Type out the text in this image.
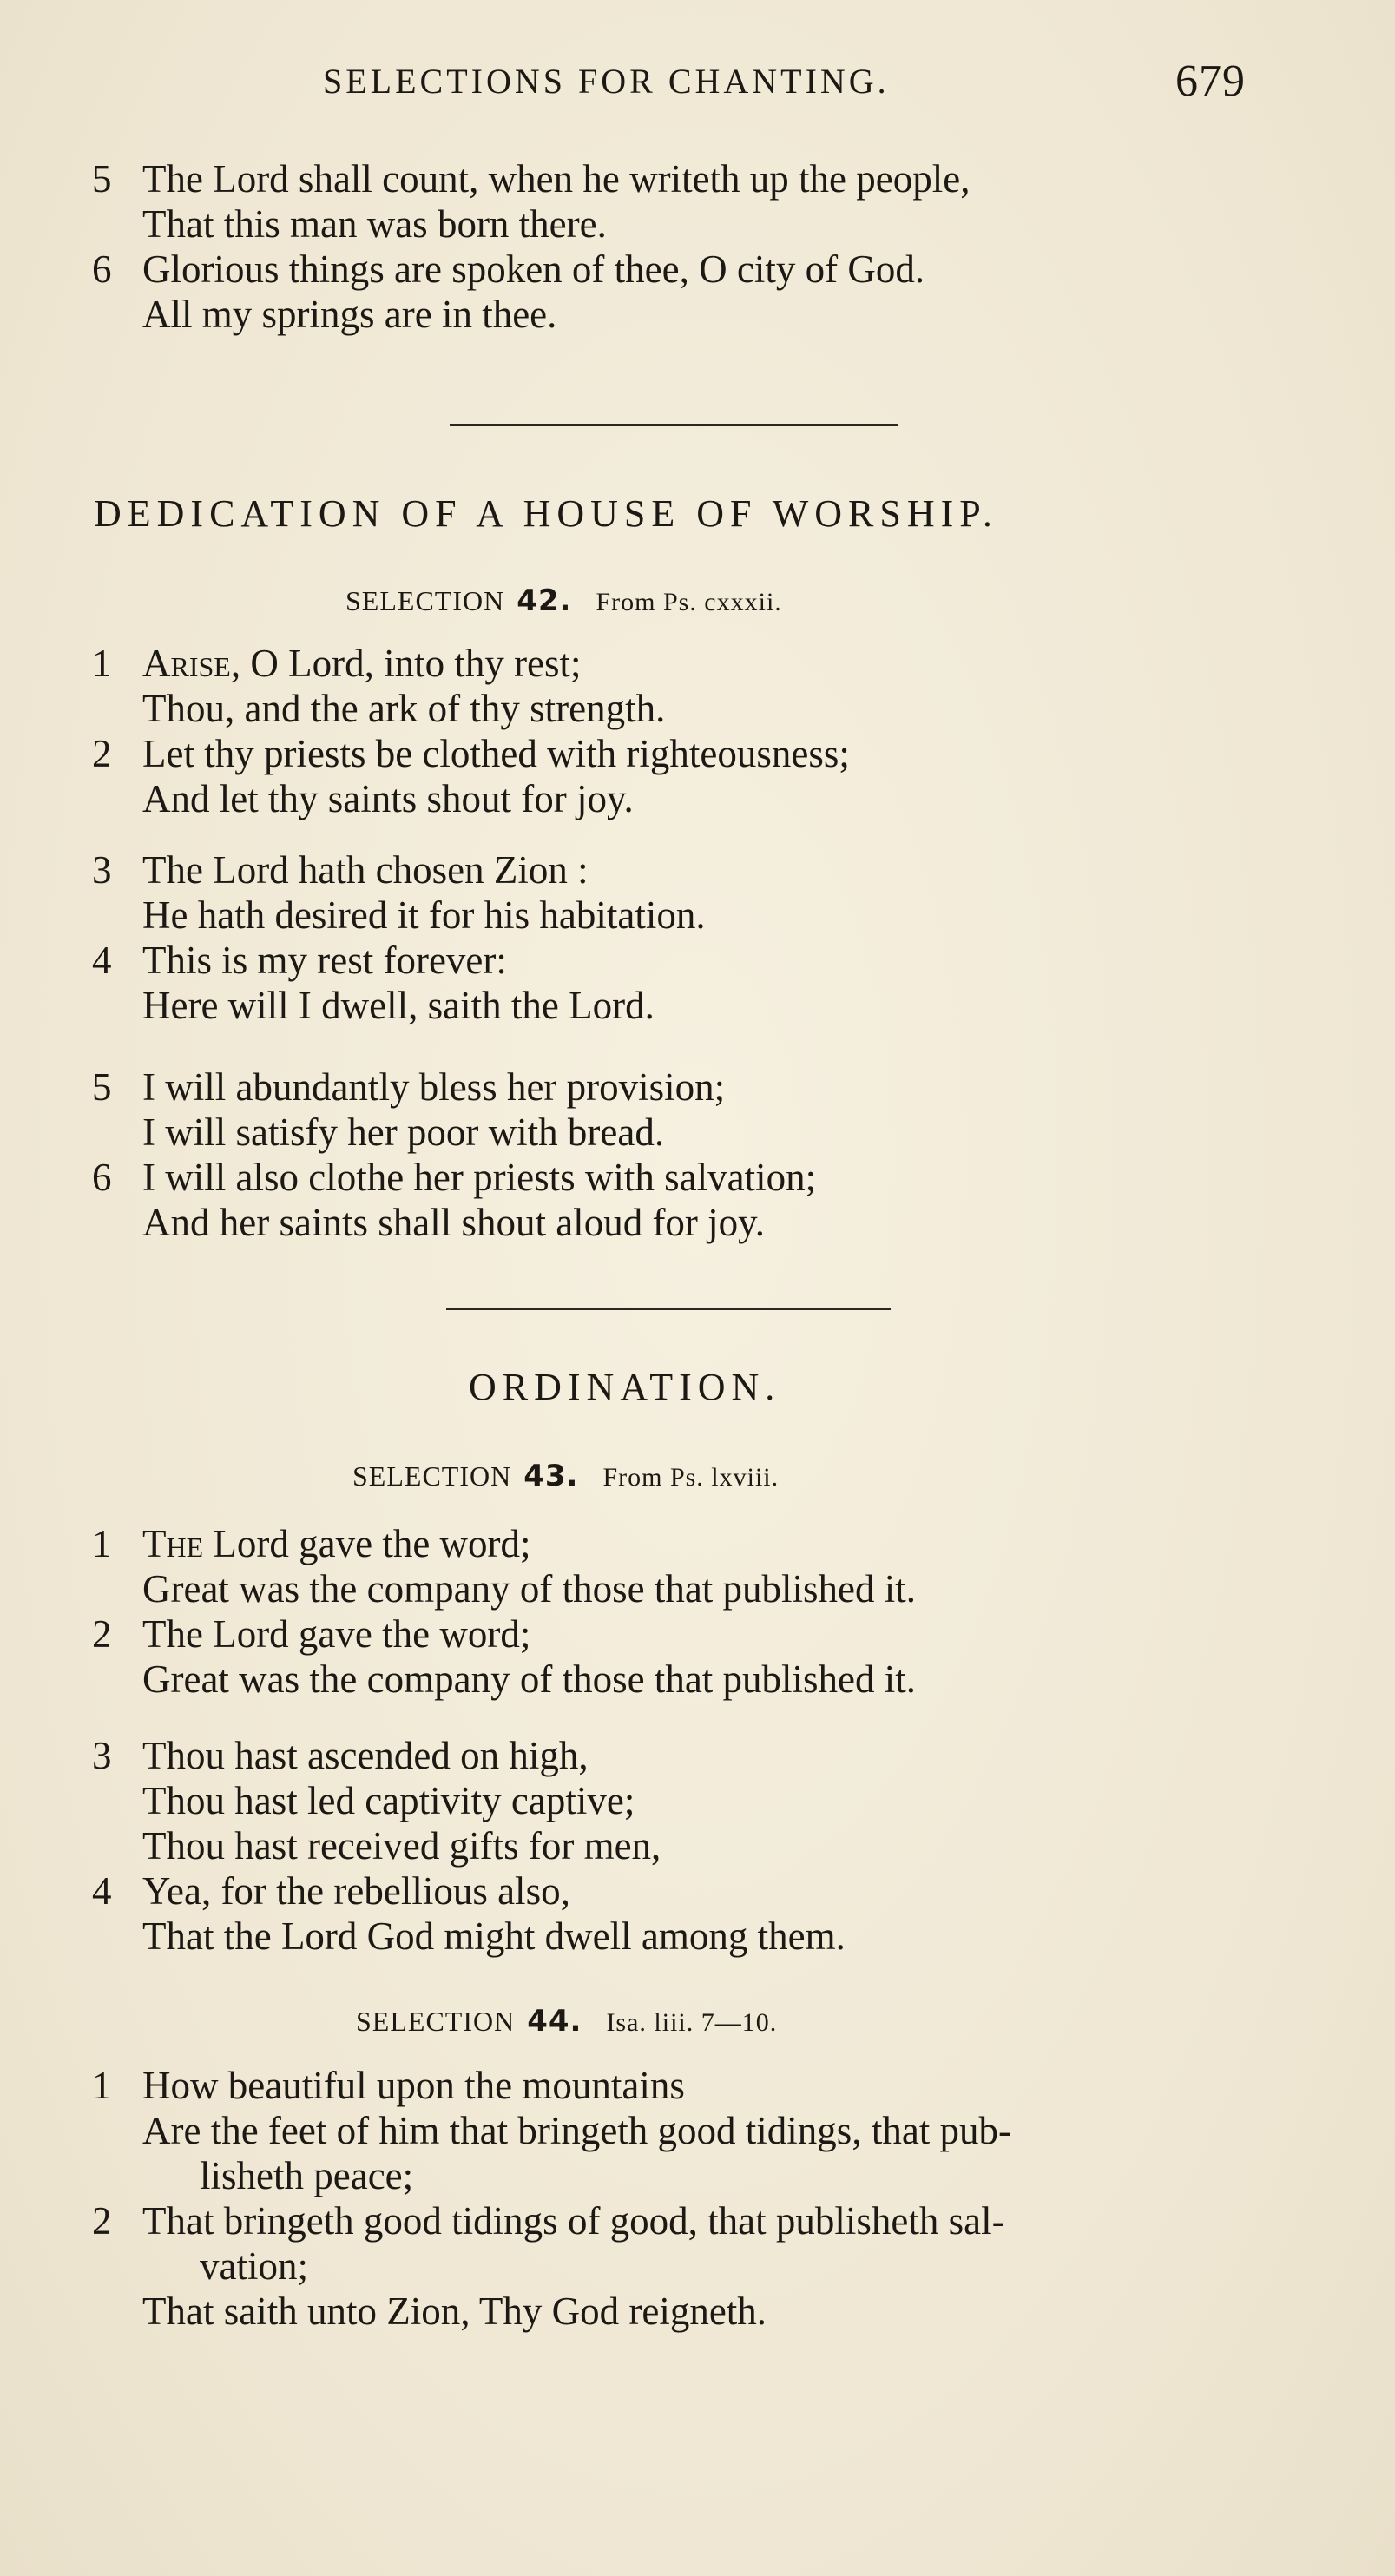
SELECTIONS FOR CHANTING.	679
5 The Lord shall count, when he writeth up the people,
That this man was born there.
6 Glorious things are spoken of thee, O city of God.
All my springs are in thee.
DEDICATION OF A HOUSE OF WORSHIP.
SELECTION 42. From Ps. cxxxii.
1 Arise, O Lord, into thy rest;
Thou, and the ark of thy strength.
2 Let thy priests be clothed with righteousness;
And let thy saints shout for joy.
3 The Lord hath chosen Zion :
He hath desired it for his habitation.
4 This is my rest forever:
Here will I dwell, saith the Lord.
5 I will abundantly bless her provision;
I will satisfy her poor with bread.
6 I will also clothe her priests with salvation;
And her saints shall shout aloud for joy.
ORDINATION.
SELECTION 43. From Ps. lxviii.
1 The Lord gave the word;
Great was the company of those that published it.
2 The Lord gave the word;
Great was the company of those that published it.
3 Thou hast ascended on high,
Thou hast led captivity captive;
Thou hast received gifts for men,
4 Yea, for the rebellious also,
That the Lord God might dwell among them.
SELECTION 44. Isa. liii. 7—10.
1 How beautiful upon the mountains
Are the feet of him that bringeth good tidings, that pub-
lisheth peace;
2 That bringeth good tidings of good, that publisheth sal-
vation;
That saith unto Zion, Thy God reigneth.
